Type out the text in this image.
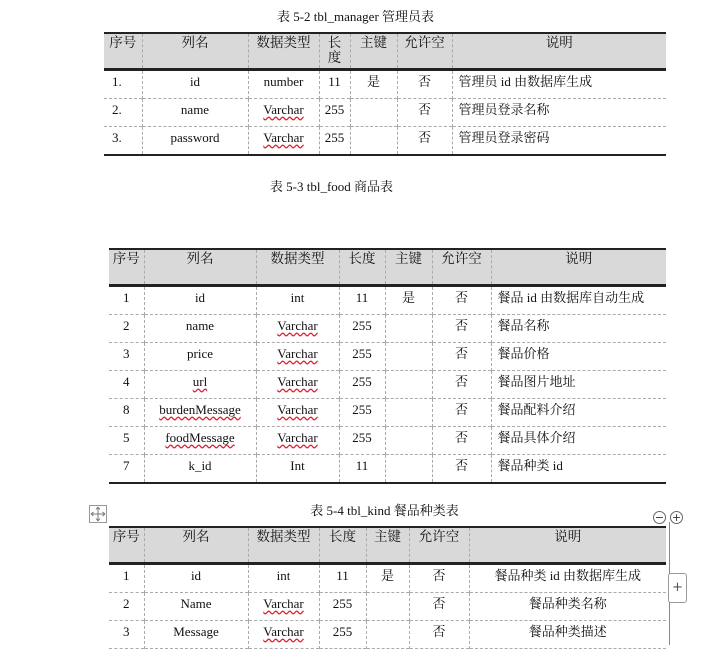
表 5-2 tbl_manager 管理员表
序号	列名	数据类型	长度	主键	允许空	说明
1.	id	number	11	是	否	管理员 id 由数据库生成
2.	name	Varchar	255		否	管理员登录名称
3.	password	Varchar	255		否	管理员登录密码
表 5-3 tbl_food 商品表
序号	列名	数据类型	长度	主键	允许空	说明
1	id	int	11	是	否	餐品 id 由数据库自动生成
2	name	Varchar	255		否	餐品名称
3	price	Varchar	255		否	餐品价格
4	url	Varchar	255		否	餐品图片地址
8	burdenMessage	Varchar	255		否	餐品配料介绍
5	foodMessage	Varchar	255		否	餐品具体介绍
7	k_id	Int	11		否	餐品种类 id
表 5-4 tbl_kind 餐品种类表	− +
+
序号	列名	数据类型	长度	主键	允许空	说明
1	id	int	11	是	否	餐品种类 id 由数据库生成
2	Name	Varchar	255		否	餐品种类名称
3	Message	Varchar	255		否	餐品种类描述
